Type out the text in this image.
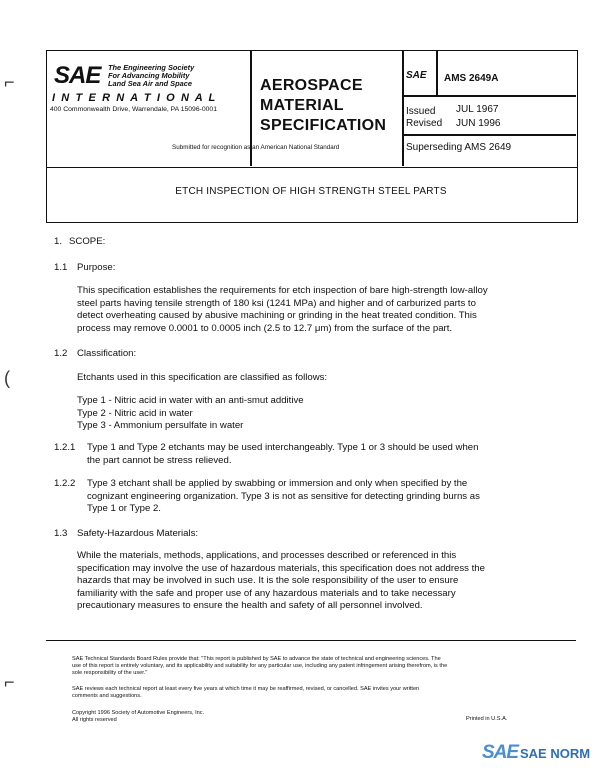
⌐
(
⌐
SAE The Engineering Society
For Advancing Mobility
Land Sea Air and Space
I N T E R N A T I O N A L
400 Commonwealth Drive, Warrendale, PA 15096-0001
AEROSPACE
MATERIAL
SPECIFICATION
Submitted for recognition as an American National Standard
SAE AMS 2649A
Issued JUL 1967
Revised JUN 1996
Superseding AMS 2649
ETCH INSPECTION OF HIGH STRENGTH STEEL PARTS
1. SCOPE:
1.1 Purpose:
This specification establishes the requirements for etch inspection of bare high-strength low-alloy
steel parts having tensile strength of 180 ksi (1241 MPa) and higher and of carburized parts to
detect overheating caused by abusive machining or grinding in the heat treated condition. This
process may remove 0.0001 to 0.0005 inch (2.5 to 12.7 μm) from the surface of the part.
1.2 Classification:
Etchants used in this specification are classified as follows:
Type 1 - Nitric acid in water with an anti-smut additive
Type 2 - Nitric acid in water
Type 3 - Ammonium persulfate in water
1.2.1 Type 1 and Type 2 etchants may be used interchangeably. Type 1 or 3 should be used when
the part cannot be stress relieved.
1.2.2 Type 3 etchant shall be applied by swabbing or immersion and only when specified by the
cognizant engineering organization. Type 3 is not as sensitive for detecting grinding burns as
Type 1 or Type 2.
1.3 Safety-Hazardous Materials:
While the materials, methods, applications, and processes described or referenced in this
specification may involve the use of hazardous materials, this specification does not address the
hazards that may be involved in such use. It is the sole responsibility of the user to ensure
familiarity with the safe and proper use of any hazardous materials and to take necessary
precautionary measures to ensure the health and safety of all personnel involved.
SAE Technical Standards Board Rules provide that: "This report is published by SAE to advance the state of technical and engineering sciences. The
use of this report is entirely voluntary, and its applicability and suitability for any particular use, including any patent infringement arising therefrom, is the
sole responsibility of the user."
SAE reviews each technical report at least every five years at which time it may be reaffirmed, revised, or cancelled. SAE invites your written
comments and suggestions.
Copyright 1996 Society of Automotive Engineers, Inc.
All rights reserved	Printed in U.S.A.
SAE SAE NORM
